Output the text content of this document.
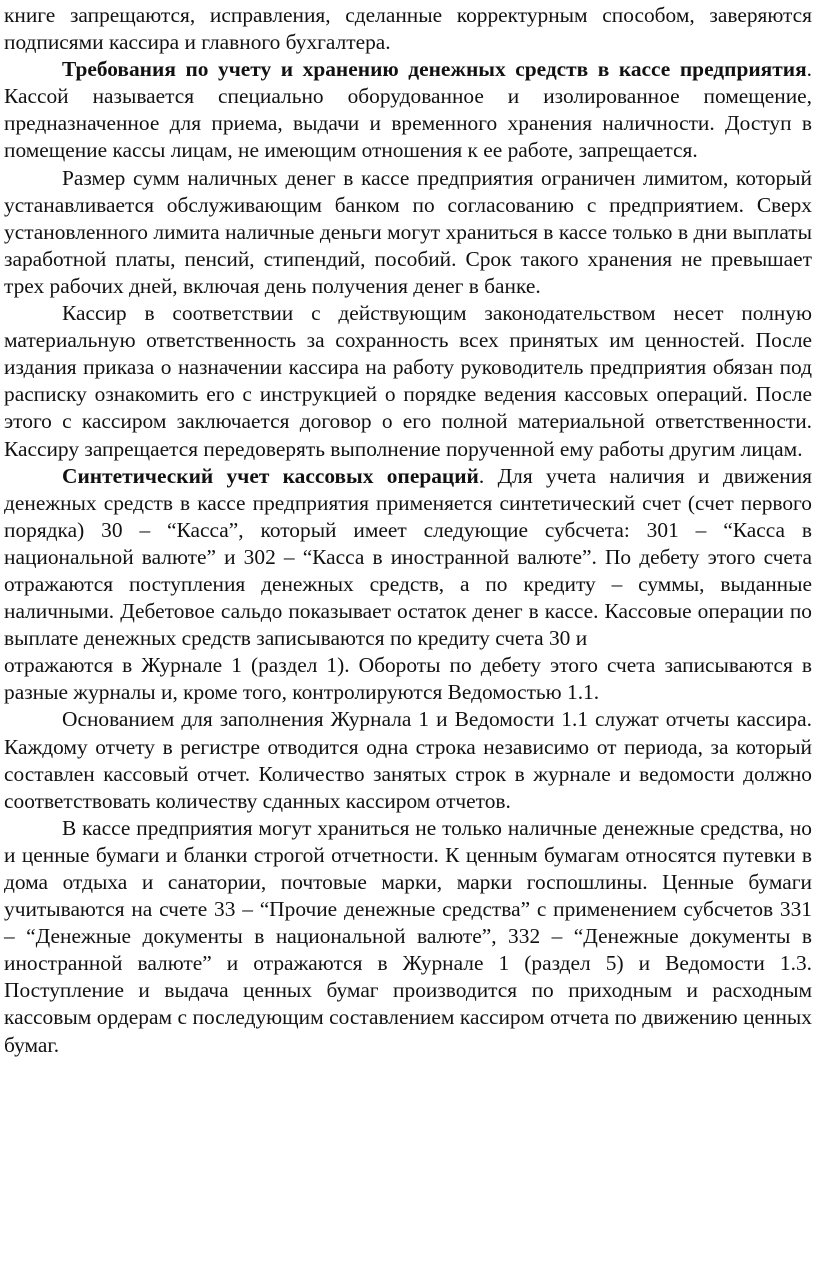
книге запрещаются, исправления, сделанные корректурным способом, заверяются подписями кассира и главного бухгалтера.

Требования по учету и хранению денежных средств в кассе предприятия. Кассой называется специально оборудованное и изолированное помещение, предназначенное для приема, выдачи и временного хранения наличности. Доступ в помещение кассы лицам, не имеющим отношения к ее работе, запрещается.

Размер сумм наличных денег в кассе предприятия ограничен лимитом, который устанавливается обслуживающим банком по согласованию с предприятием. Сверх установленного лимита наличные деньги могут храниться в кассе только в дни выплаты заработной платы, пенсий, стипендий, пособий. Срок такого хранения не превышает трех рабочих дней, включая день получения денег в банке.

Кассир в соответствии с действующим законодательством несет полную материальную ответственность за сохранность всех принятых им ценностей. После издания приказа о назначении кассира на работу руководитель предприятия обязан под расписку ознакомить его с инструкцией о порядке ведения кассовых операций. После этого с кассиром заключается договор о его полной материальной ответственности. Кассиру запрещается передоверять выполнение порученной ему работы другим лицам.

Синтетический учет кассовых операций. Для учета наличия и движения денежных средств в кассе предприятия применяется синтетический счет (счет первого порядка) 30 – “Касса”, который имеет следующие субсчета: 301 – “Касса в национальной валюте” и 302 – “Касса в иностранной валюте”. По дебету этого счета отражаются поступления денежных средств, а по кредиту – суммы, выданные наличными. Дебетовое сальдо показывает остаток денег в кассе. Кассовые операции по выплате денежных средств записываются по кредиту счета 30 и

отражаются в Журнале 1 (раздел 1). Обороты по дебету этого счета записываются в разные журналы и, кроме того, контролируются Ведомостью 1.1.

Основанием для заполнения Журнала 1 и Ведомости 1.1 служат отчеты кассира. Каждому отчету в регистре отводится одна строка независимо от периода, за который составлен кассовый отчет. Количество занятых строк в журнале и ведомости должно соответствовать количеству сданных кассиром отчетов.

В кассе предприятия могут храниться не только наличные денежные средства, но и ценные бумаги и бланки строгой отчетности. К ценным бумагам относятся путевки в дома отдыха и санатории, почтовые марки, марки госпошлины. Ценные бумаги учитываются на счете 33 – “Прочие денежные средства” с применением субсчетов 331 – “Денежные документы в национальной валюте”, 332 – “Денежные документы в иностранной валюте” и отражаются в Журнале 1 (раздел 5) и Ведомости 1.3. Поступление и выдача ценных бумаг производится по приходным и расходным кассовым ордерам с последующим составлением кассиром отчета по движению ценных бумаг.
